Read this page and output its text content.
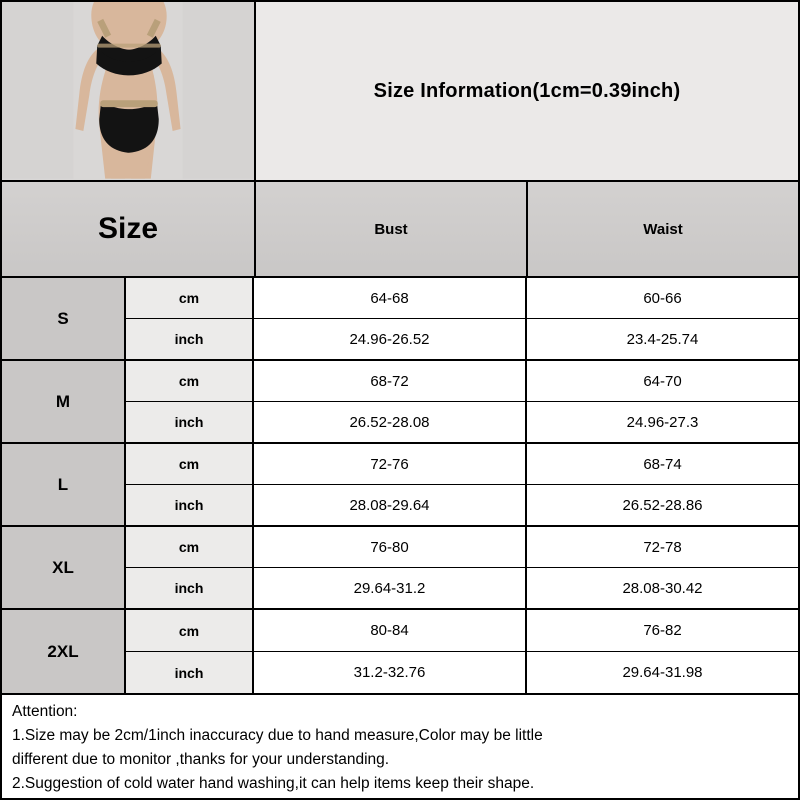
Size Information(1cm=0.39inch)
Size	Bust	Waist
S
cm	64-68	60-66
inch	24.96-26.52	23.4-25.74
M
cm	68-72	64-70
inch	26.52-28.08	24.96-27.3
L
cm	72-76	68-74
inch	28.08-29.64	26.52-28.86
XL
cm	76-80	72-78
inch	29.64-31.2	28.08-30.42
2XL
cm	80-84	76-82
inch	31.2-32.76	29.64-31.98

Attention:

1.Size may be 2cm/1inch inaccuracy due to hand measure,Color may be little

different due to monitor ,thanks for your understanding.

2.Suggestion of cold water hand washing,it can help items keep their shape.
